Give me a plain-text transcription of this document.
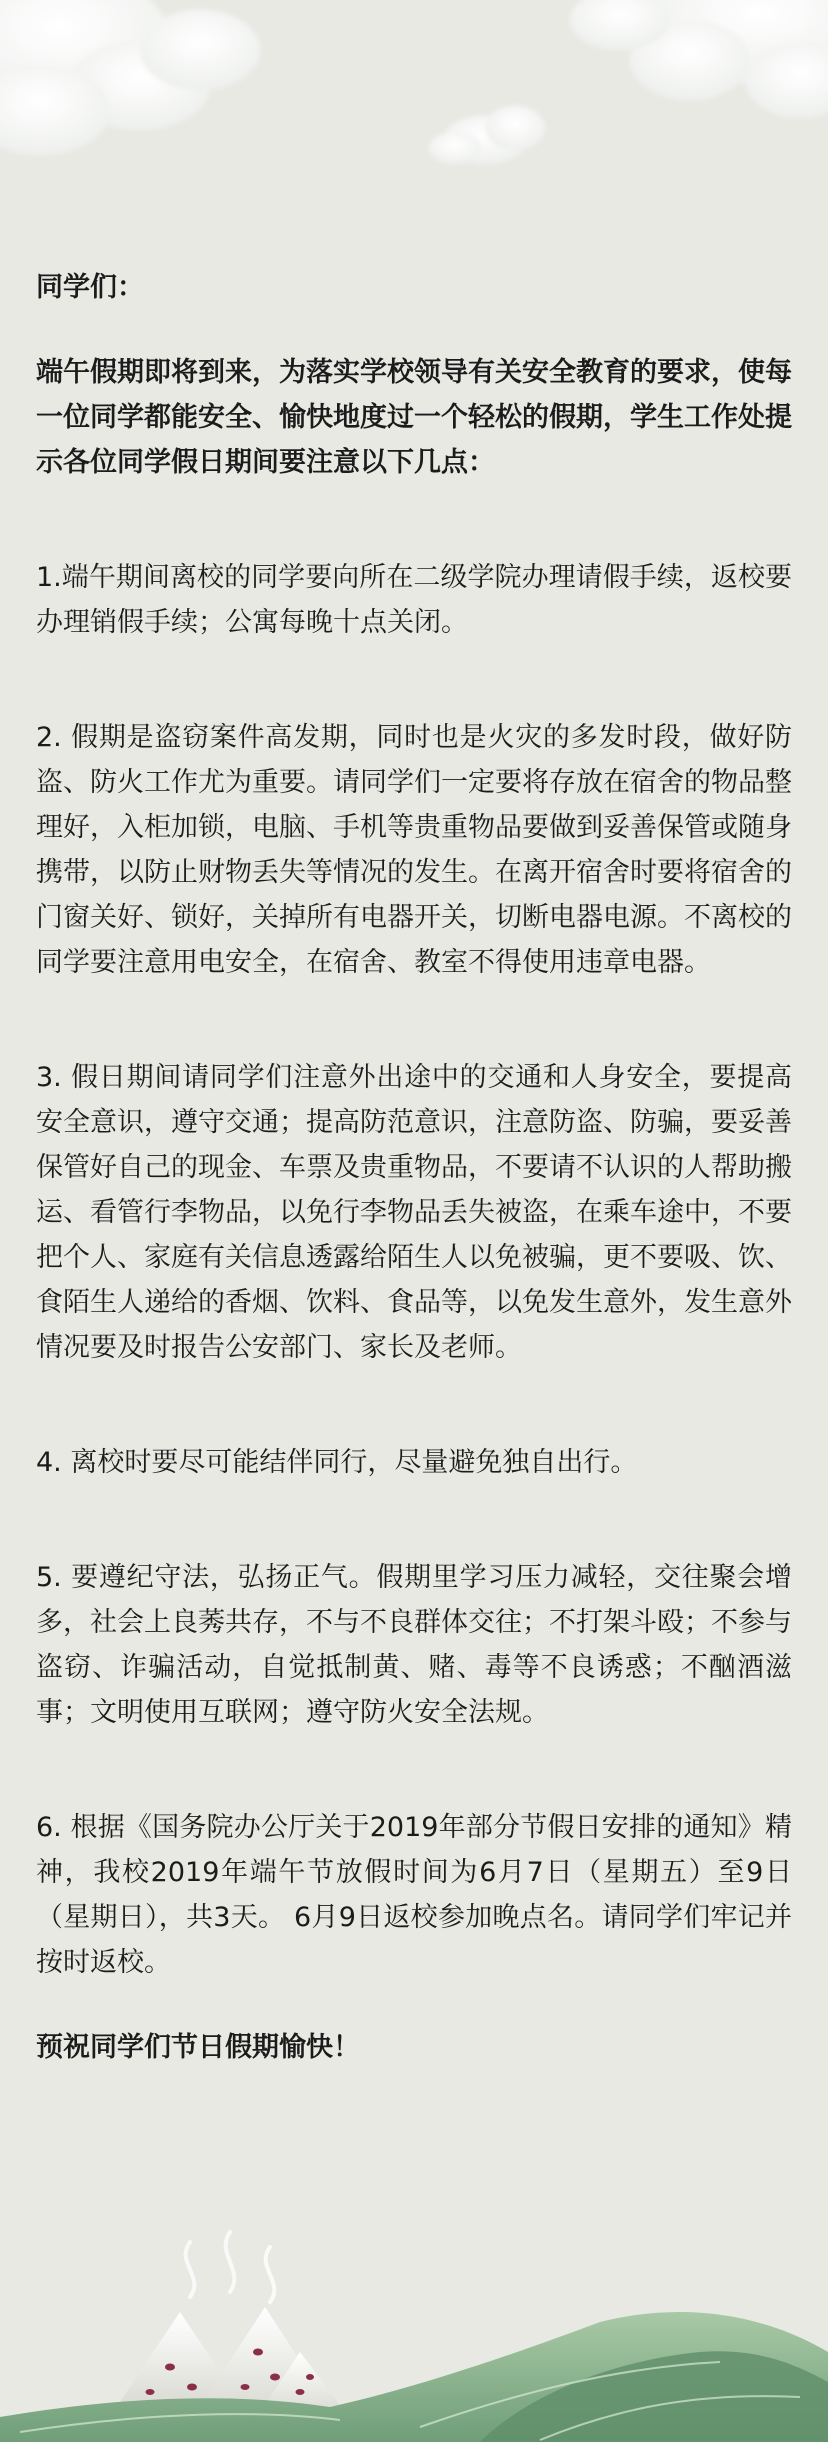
同学们：

端午假期即将到来，为落实学校领导有关安全教育的要求，使每一位同学都能安全、愉快地度过一个轻松的假期，学生工作处提示各位同学假日期间要注意以下几点：

1.端午期间离校的同学要向所在二级学院办理请假手续，返校要办理销假手续；公寓每晚十点关闭。

2. 假期是盗窃案件高发期，同时也是火灾的多发时段，做好防盗、防火工作尤为重要。请同学们一定要将存放在宿舍的物品整理好，入柜加锁，电脑、手机等贵重物品要做到妥善保管或随身携带，以防止财物丢失等情况的发生。在离开宿舍时要将宿舍的门窗关好、锁好，关掉所有电器开关，切断电器电源。不离校的同学要注意用电安全，在宿舍、教室不得使用违章电器。

3. 假日期间请同学们注意外出途中的交通和人身安全，要提高安全意识，遵守交通；提高防范意识，注意防盗、防骗，要妥善保管好自己的现金、车票及贵重物品，不要请不认识的人帮助搬运、看管行李物品，以免行李物品丢失被盗，在乘车途中，不要把个人、家庭有关信息透露给陌生人以免被骗，更不要吸、饮、食陌生人递给的香烟、饮料、食品等，以免发生意外，发生意外情况要及时报告公安部门、家长及老师。

4. 离校时要尽可能结伴同行，尽量避免独自出行。

5. 要遵纪守法，弘扬正气。假期里学习压力减轻，交往聚会增多，社会上良莠共存，不与不良群体交往；不打架斗殴；不参与盗窃、诈骗活动，自觉抵制黄、赌、毒等不良诱惑；不酗酒滋事；文明使用互联网；遵守防火安全法规。

6. 根据《国务院办公厅关于2019年部分节假日安排的通知》精神，我校2019年端午节放假时间为6月7日（星期五）至9日（星期日），共3天。 6月9日返校参加晚点名。请同学们牢记并按时返校。

预祝同学们节日假期愉快！
